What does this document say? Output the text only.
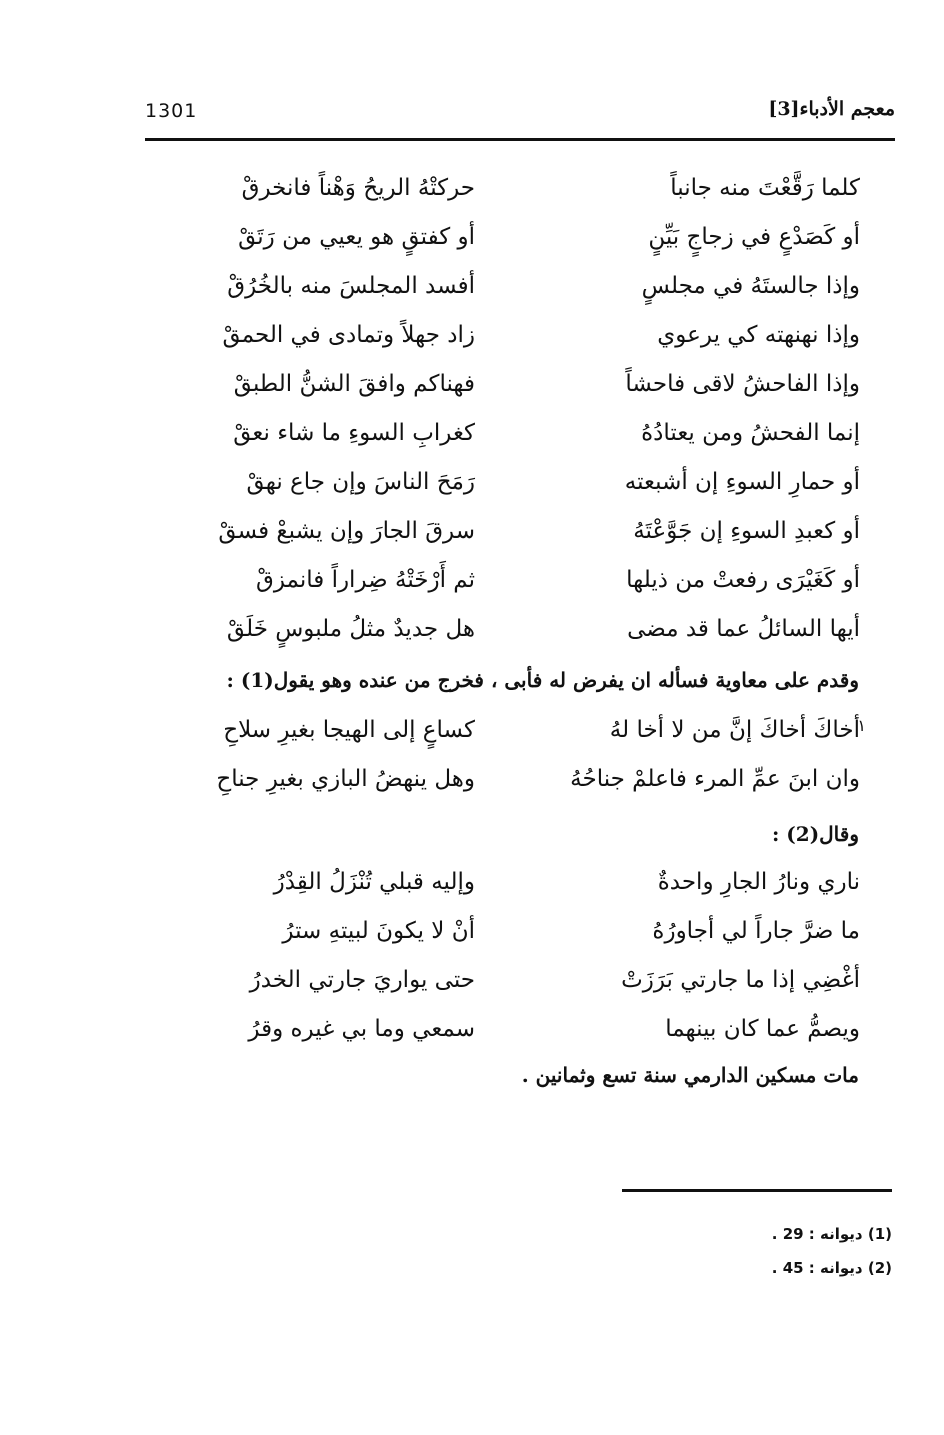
معجم الأدباء[3]
1301
كلما رَقَّعْتَ منه جانباً
حركتْهُ الريحُ وَهْناً فانخرقْ
أو كَصَدْعٍ في زجاجٍ بَيِّنٍ
أو كفتقٍ هو يعيي من رَتَقْ
وإذا جالستَهُ في مجلسٍ
أفسد المجلسَ منه بالخُرُقْ
وإذا نهنهته كي يرعوي
زاد جهلاً وتمادى في الحمقْ
وإذا الفاحشُ لاقى فاحشاً
فهناكم وافقَ الشنُّ الطبقْ
إنما الفحشُ ومن يعتادُهُ
كغرابِ السوءِ ما شاء نعقْ
أو حمارِ السوءِ إن أشبعته
رَمَحَ الناسَ وإن جاع نهقْ
أو كعبدِ السوءِ إن جَوَّعْتَهُ
سرقَ الجارَ وإن يشبعْ فسقْ
أو كَغَيْرَى رفعتْ من ذيلها
ثم أَرْخَتْهُ ضِراراً فانمزقْ
أيها السائلُ عما قد مضى
هل جديدٌ مثلُ ملبوسٍ خَلَقْ
وقدم على معاوية فسأله ان يفرض له فأبى ، فخرج من عنده وهو يقول(1) :
١
أخاكَ أخاكَ إنَّ من لا أخا لهُ
كساعٍ إلى الهيجا بغيرِ سلاحِ
وان ابنَ عمِّ المرء فاعلمْ جناحُهُ
وهل ينهضُ البازي بغيرِ جناحِ
وقال(2) :
ناري ونارُ الجارِ واحدةٌ
وإليه قبلي تُنْزَلُ القِدْرُ
ما ضرَّ جاراً لي أجاورُهُ
أنْ لا يكونَ لبيتهِ سترُ
أغْضِي إذا ما جارتي بَرَزَتْ
حتى يواريَ جارتي الخدرُ
ويصمُّ عما كان بينهما
سمعي وما بي غيره وقرُ
مات مسكين الدارمي سنة تسع وثمانين .
(1) ديوانه : 29 .
(2) ديوانه : 45 .
